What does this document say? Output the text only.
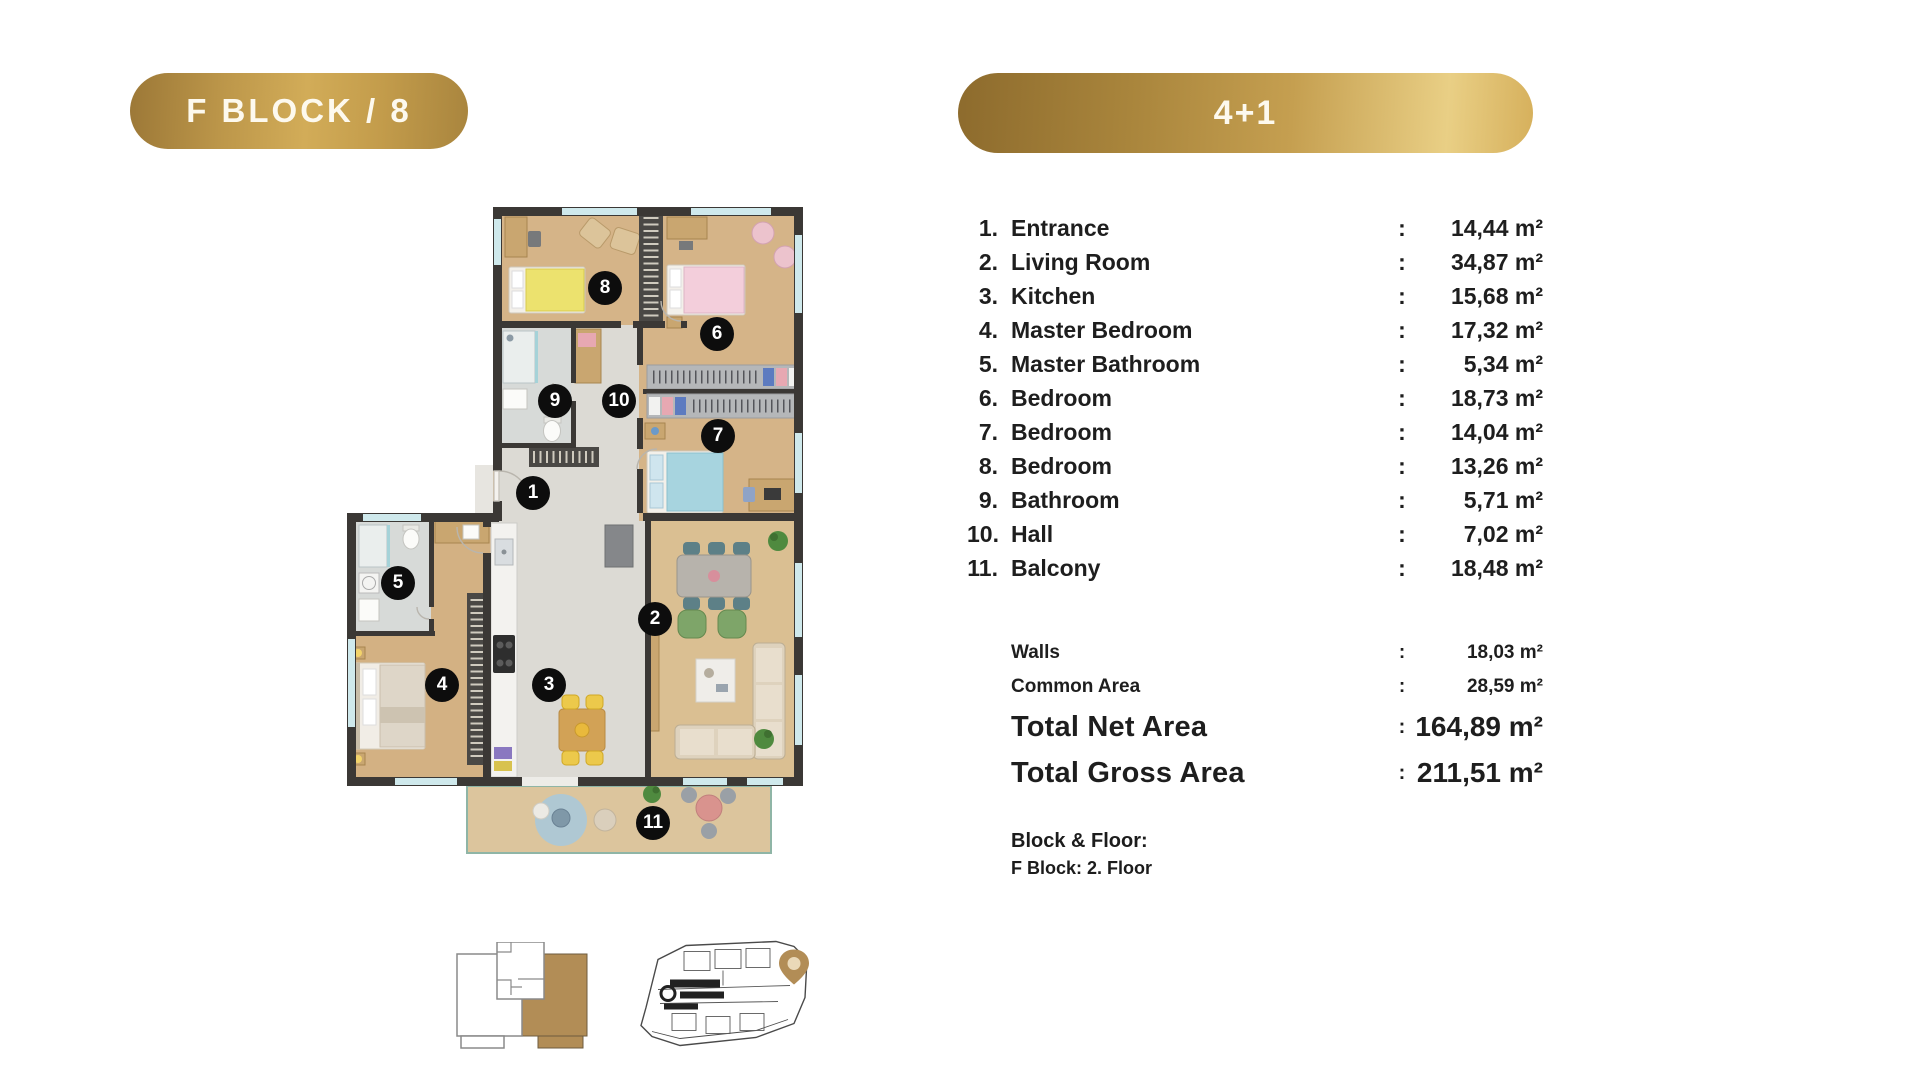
F BLOCK / 8	4+1
1
2
3
4
5
6
7
8
9	10
11
1. Entrance	:	14,44 m²
2. Living Room	:	34,87 m²
3. Kitchen	:	15,68 m²
4. Master Bedroom	:	17,32 m²
5. Master Bathroom	:	5,34 m²
6. Bedroom	:	18,73 m²
7. Bedroom	:	14,04 m²
8. Bedroom	:	13,26 m²
9. Bathroom	:	5,71 m²
10. Hall	:	7,02 m²
11. Balcony	:	18,48 m²
Walls	:	18,03 m²
Common Area	:	28,59 m²
Total Net Area	: 164,89 m²
Total Gross Area	: 211,51 m²
Block & Floor:
F Block: 2. Floor
